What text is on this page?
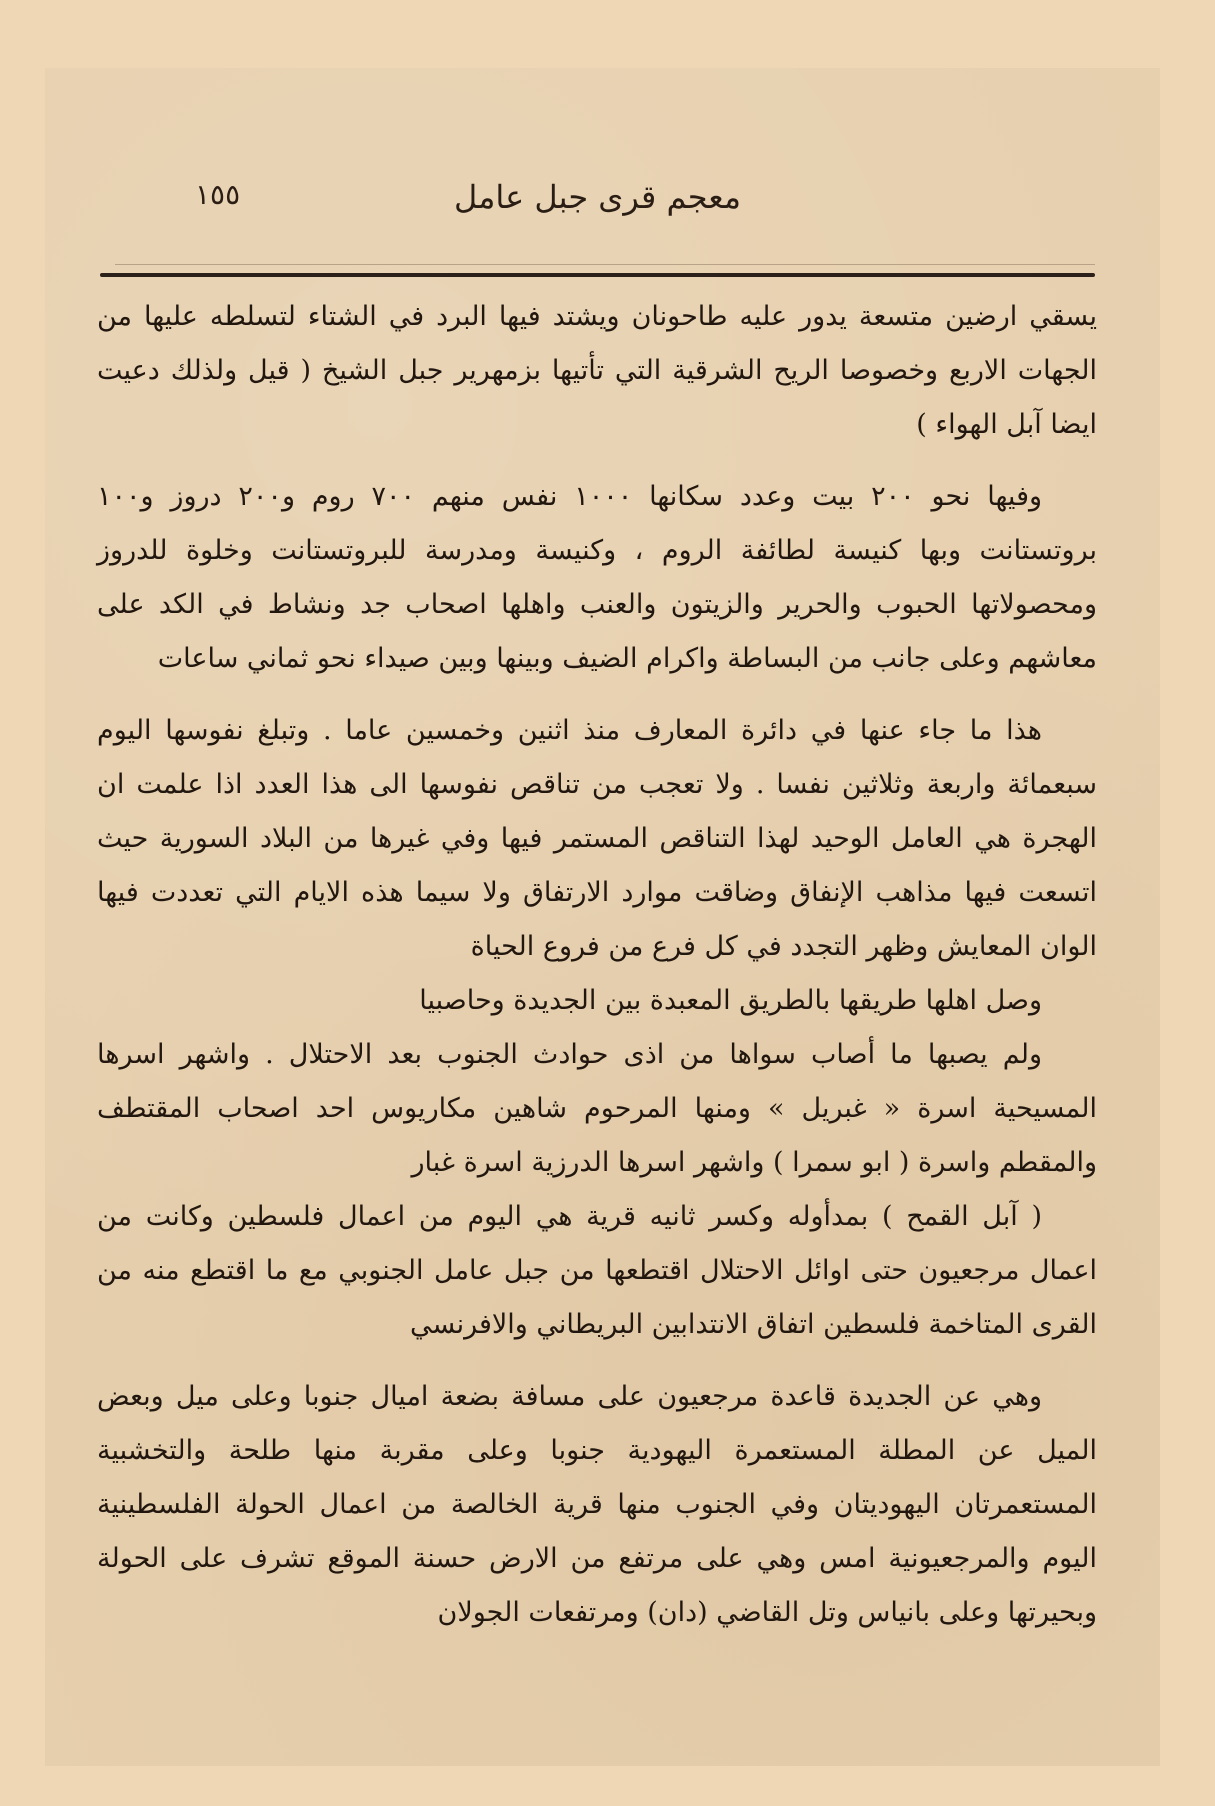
معجم قرى جبل عامل
١٥٥

يسقي ارضين متسعة يدور عليه طاحونان ويشتد فيها البرد في الشتاء لتسلطه عليها من الجهات الاربع وخصوصا الريح الشرقية التي تأتيها بزمهرير جبل الشيخ ( قيل ولذلك دعيت ايضا آبل الهواء )

وفيها نحو ٢٠٠ بيت وعدد سكانها ١٠٠٠ نفس منهم ٧٠٠ روم و٢٠٠ دروز و١٠٠ بروتستانت وبها كنيسة لطائفة الروم ، وكنيسة ومدرسة للبروتستانت وخلوة للدروز ومحصولاتها الحبوب والحرير والزيتون والعنب واهلها اصحاب جد ونشاط في الكد على معاشهم وعلى جانب من البساطة واكرام الضيف وبينها وبين صيداء نحو ثماني ساعات

هذا ما جاء عنها في دائرة المعارف منذ اثنين وخمسين عاما . وتبلغ نفوسها اليوم سبعمائة واربعة وثلاثين نفسا . ولا تعجب من تناقص نفوسها الى هذا العدد اذا علمت ان الهجرة هي العامل الوحيد لهذا التناقص المستمر فيها وفي غيرها من البلاد السورية حيث اتسعت فيها مذاهب الإنفاق وضاقت موارد الارتفاق ولا سيما هذه الايام التي تعددت فيها الوان المعايش وظهر التجدد في كل فرع من فروع الحياة

وصل اهلها طريقها بالطريق المعبدة بين الجديدة وحاصبيا

ولم يصبها ما أصاب سواها من اذى حوادث الجنوب بعد الاحتلال . واشهر اسرها المسيحية اسرة « غبريل » ومنها المرحوم شاهين مكاريوس احد اصحاب المقتطف والمقطم واسرة ( ابو سمرا ) واشهر اسرها الدرزية اسرة غبار

( آبل القمح ) بمدأوله وكسر ثانيه قرية هي اليوم من اعمال فلسطين وكانت من اعمال مرجعيون حتى اوائل الاحتلال اقتطعها من جبل عامل الجنوبي مع ما اقتطع منه من القرى المتاخمة فلسطين اتفاق الانتدابين البريطاني والافرنسي

وهي عن الجديدة قاعدة مرجعيون على مسافة بضعة اميال جنوبا وعلى ميل وبعض الميل عن المطلة المستعمرة اليهودية جنوبا وعلى مقربة منها طلحة والتخشبية المستعمرتان اليهوديتان وفي الجنوب منها قرية الخالصة من اعمال الحولة الفلسطينية اليوم والمرجعيونية امس وهي على مرتفع من الارض حسنة الموقع تشرف على الحولة وبحيرتها وعلى بانياس وتل القاضي (دان) ومرتفعات الجولان
